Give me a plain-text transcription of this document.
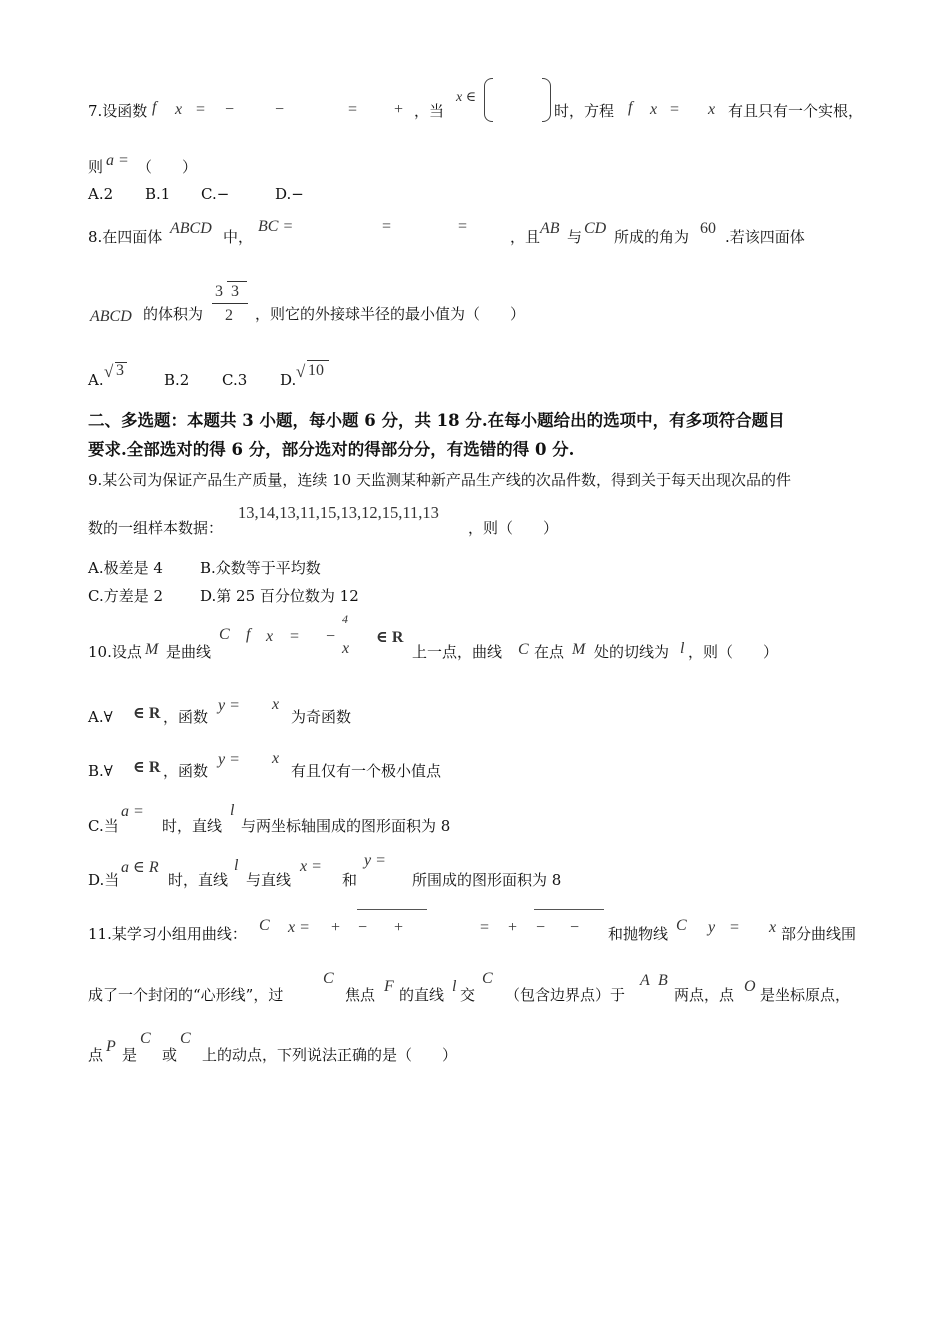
7.设函数 f x = −	−	= + ，当
x ∈
时，方程 f x = x 有且只有一个实根，
则 a = （　　）
A.2 B.1 C.−	D.−
8.在四面体 ABCD 中，
BC =	=	=
，且 AB 与 CD 所成的角为 60 .若该四面体
ABCD 的体积为
3 3
2 ，则它的外接球半径的最小值为（　　）
A. √ 3
B.2 C.3 D. √ 10
二、多选题：本题共 3 小题，每小题 6 分，共 18 分.在每小题给出的选项中，有多项符合题目
要求.全部选对的得 6 分，部分选对的得部分分，有选错的得 0 分.
9.某公司为保证产品生产质量，连续 10 天监测某种新产品生产线的次品件数，得到关于每天出现次品的件
数的一组样本数据：
13,14,13,11,15,13,12,15,11,13
，则（　　）
A.极差是 4 B.众数等于平均数
C.方差是 2 D.第 25 百分位数为 12
10.设点 M 是曲线
C f x = −
4
x
∈ R
上一点，曲线 C 在点 M 处的切线为 l ，则（　　）
A.∀ ∈ R ，函数
y = x
为奇函数
B.∀ ∈ R ，函数
y = x
有且仅有一个极小值点
C.当
a =
时，直线
l
与两坐标轴围成的图形面积为 8
D.当
a ∈ R
时，直线
l
与直线
x =
和
y =
所围成的图形面积为 8
11.某学习小组用曲线： C x = + − +	= + − − 和抛物线 C y = x 部分曲线围
成了一个封闭的“心形线”，过
C
焦点 F 的直线 l 交
C
（包含边界点）于
A B
两点，点 O 是坐标原点，
点 P 是
C
或
C
上的动点，下列说法正确的是（　　）
